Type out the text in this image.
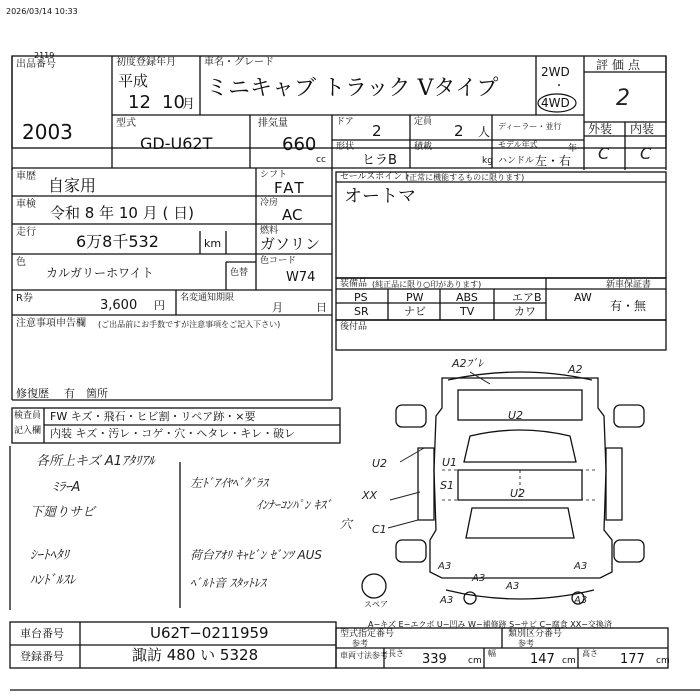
2026/03/14 10:33
2119
出品番号
2003
初度登録年月
平成
12 10
月
車名・グレード
ミニキャブ トラック Vタイプ
2WD
・
4WD
評価点
2
外装 内装
C C
型式
GD-U62T
排気量
660
cc
ドア 2	定員 2 人 ディーラー・並行
形状
ヒラB
積載
kg
モデル年式	年
ハンドル 左・右
車歴 自家用
シフト
FAT
車検 令和 8 年 10 月 ( 日)
冷房
AC
走行	6万8千532	km
燃料
ガソリン
色
カルガリーホワイト	色替
色コード
W74
R券	3,600 円
名変通知期限
月	日
注意事項申告欄 (ご出品前にお手数ですが注意事項をご記入下さい)
修復歴 有 箇所
セールスポイント
(正常に機能するものに限ります)
オートマ
装備品 (純正品に限り○印があります)
PS	PW	ABS	エアB	AW
SR	ナビ	TV	カワ
新車保証書
有・無
後付品
検査員
記入欄
FW キズ・飛石・ヒビ割・リペア跡・×要
内装 キズ・汚レ・コゲ・穴・ヘタレ・キレ・破レ
各所上キズ A1ｱﾀﾘｱﾙ
ﾐﾗｰA
下廻りサビ
ｼｰﾄﾍﾀﾘ
ﾊﾝﾄﾞﾙｽﾚ
左ﾄﾞｱｲﾔﾍﾞｸﾞﾗｽ
ｲﾝﾅｰｺﾝﾊﾟﾝ ｷｽﾞ
穴
荷台ｱｵﾘ ｷｬﾋﾞﾝ ｾﾞﾝﾂ AUS
ﾍﾞﾙﾄ音 ｽﾀｯﾄﾚｽ
A2ﾌﾞﾚ	A2
U2
U2	U1
S1
U2
XX
C1
A3	A3
A3
A3
A3	A3
スペア
A−キズ E−エクボ U−凹み W−補修跡 S−サビ C−腐食 XX−交換済
車台番号	U62T−0211959
登録番号	諏訪 480 い 5328
型式指定番号
参考
類別区分番号
参考
車両寸法参考 長さ 339 cm
幅	147 cm
高さ 177 cm
